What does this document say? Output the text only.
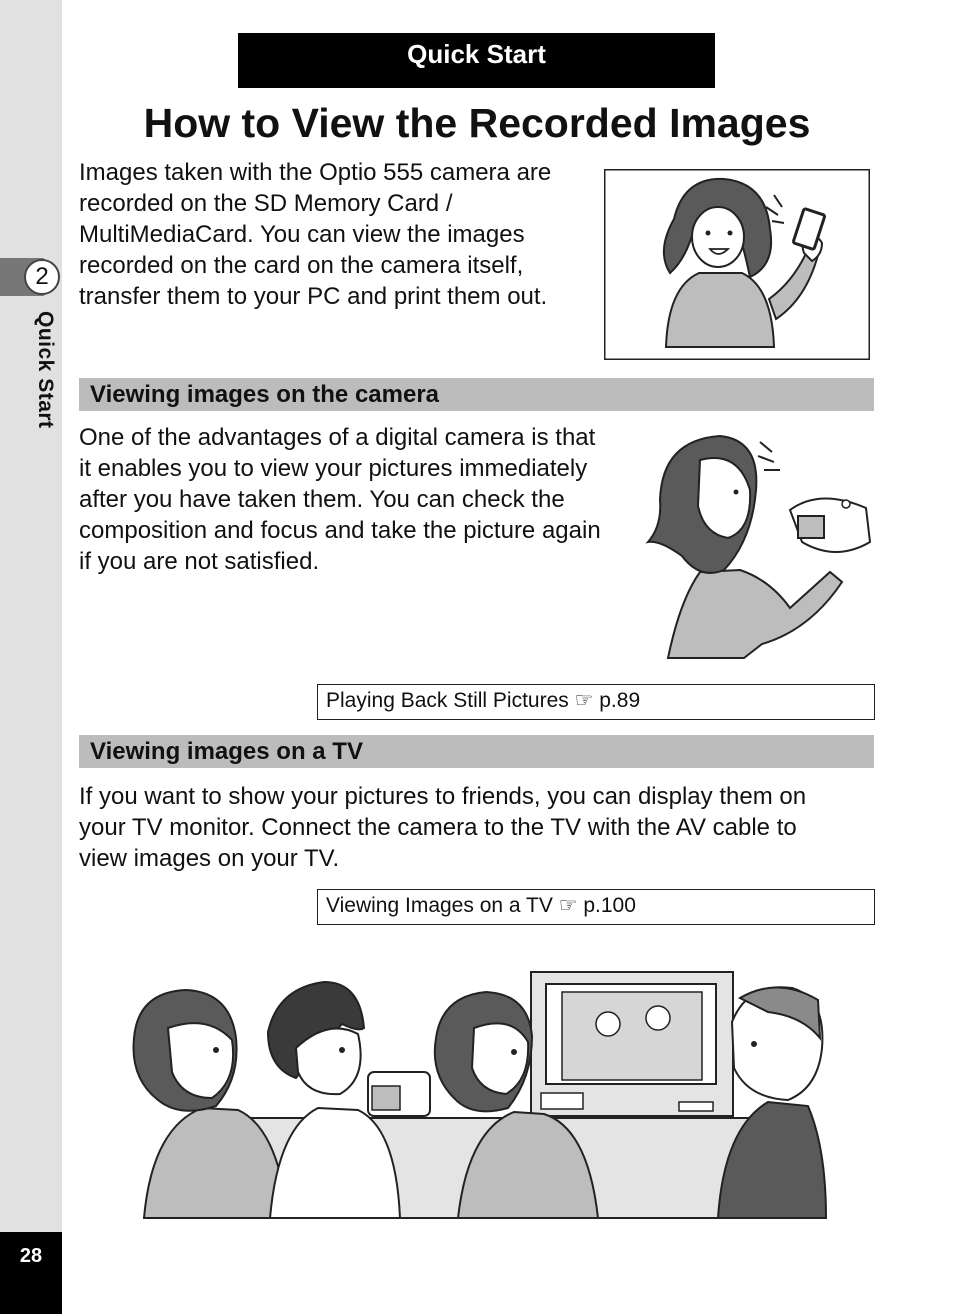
2
Quick Start
28
Quick Start
How to View the Recorded Images
Images taken with the Optio 555 camera are
recorded on the SD Memory Card /
MultiMediaCard. You can view the images
recorded on the card on the camera itself,
transfer them to your PC and print them out.
Viewing images on the camera
One of the advantages of a digital camera is that
it enables you to view your pictures immediately
after you have taken them. You can check the
composition and focus and take the picture again
if you are not satisfied.
Playing Back Still Pictures ☞ p.89
Viewing images on a TV
If you want to show your pictures to friends, you can display them on
your TV monitor. Connect the camera to the TV with the AV cable to
view images on your TV.
Viewing Images on a TV ☞ p.100
